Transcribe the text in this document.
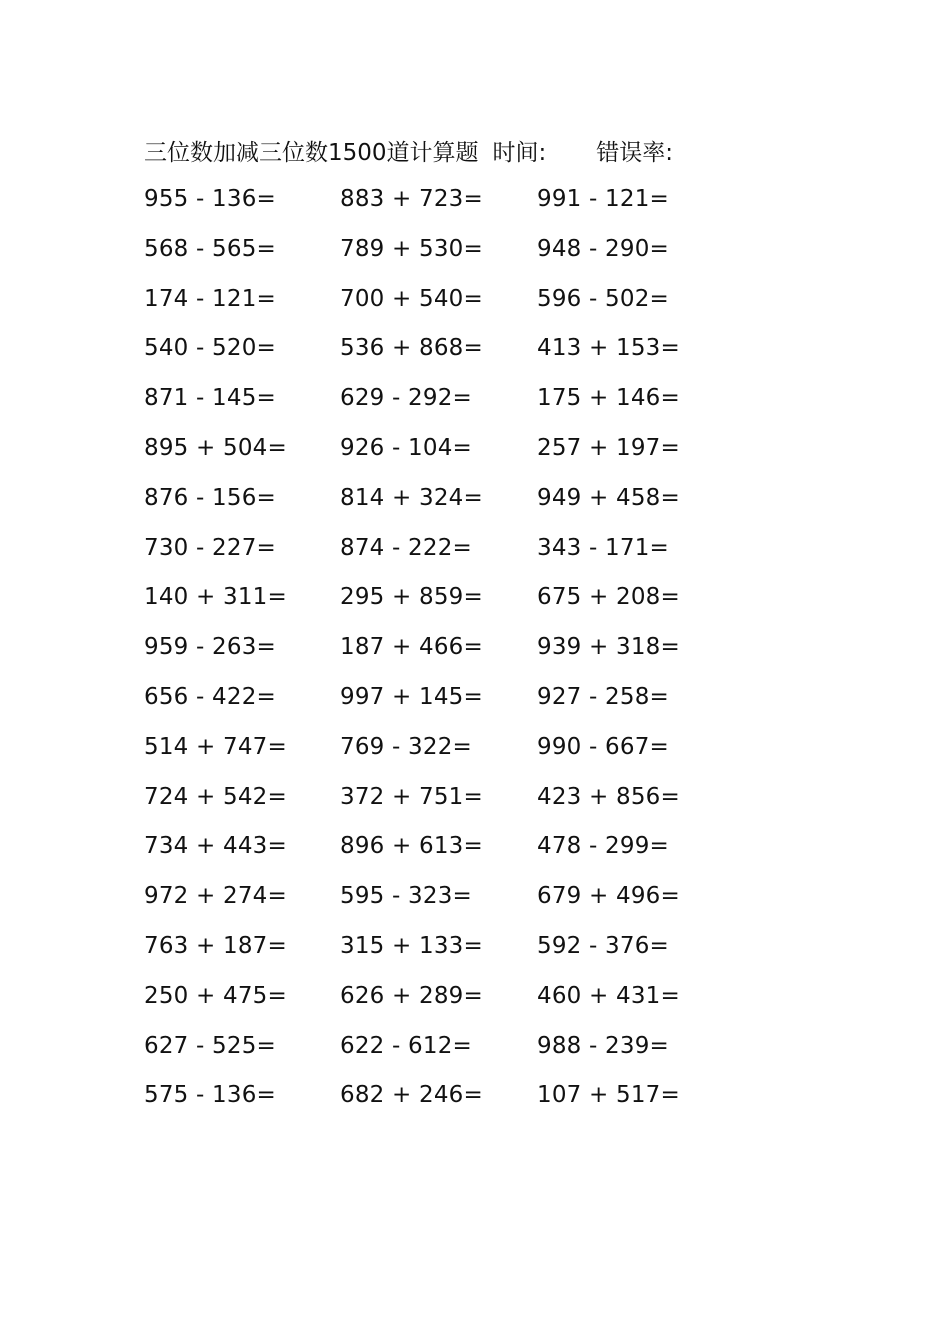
三位数加减三位数1500道计算题 时间: 错误率:
955 - 136=	883 + 723=	991 - 121=
568 - 565=	789 + 530=	948 - 290=
174 - 121=	700 + 540=	596 - 502=
540 - 520=	536 + 868=	413 + 153=
871 - 145=	629 - 292=	175 + 146=
895 + 504=	926 - 104=	257 + 197=
876 - 156=	814 + 324=	949 + 458=
730 - 227=	874 - 222=	343 - 171=
140 + 311=	295 + 859=	675 + 208=
959 - 263=	187 + 466=	939 + 318=
656 - 422=	997 + 145=	927 - 258=
514 + 747=	769 - 322=	990 - 667=
724 + 542=	372 + 751=	423 + 856=
734 + 443=	896 + 613=	478 - 299=
972 + 274=	595 - 323=	679 + 496=
763 + 187=	315 + 133=	592 - 376=
250 + 475=	626 + 289=	460 + 431=
627 - 525=	622 - 612=	988 - 239=
575 - 136=	682 + 246=	107 + 517=
